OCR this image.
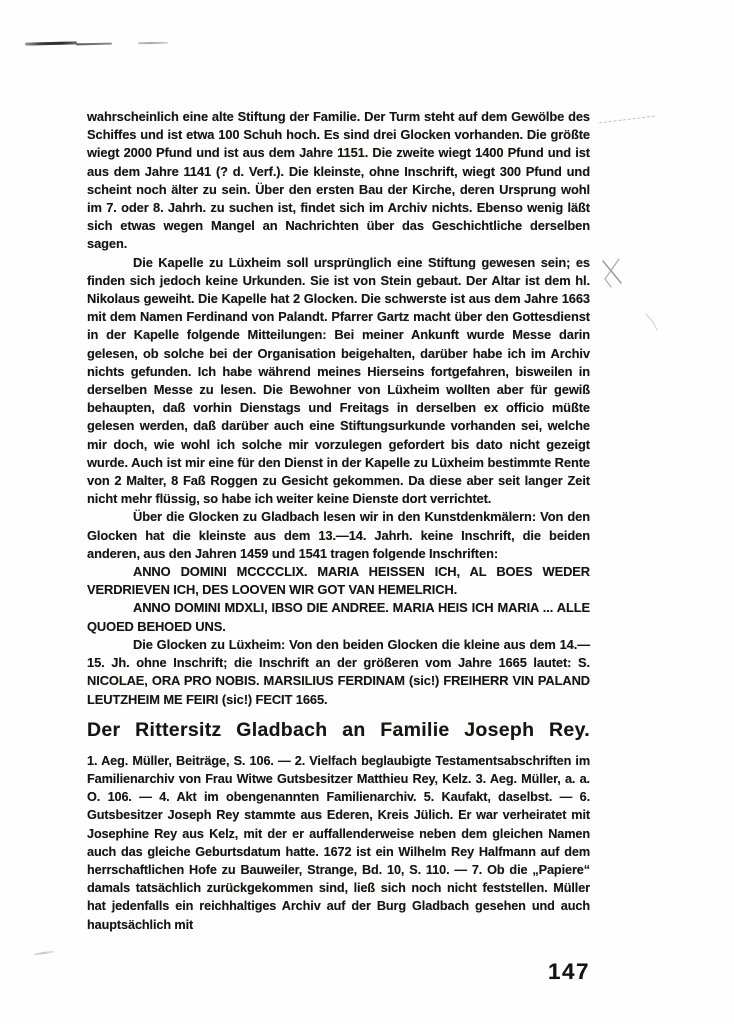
wahrscheinlich eine alte Stiftung der Familie. Der Turm steht auf dem Gewölbe des Schiffes und ist etwa 100 Schuh hoch. Es sind drei Glocken vorhanden. Die größte wiegt 2000 Pfund und ist aus dem Jahre 1151. Die zweite wiegt 1400 Pfund und ist aus dem Jahre 1141 (? d. Verf.). Die kleinste, ohne Inschrift, wiegt 300 Pfund und scheint noch älter zu sein. Über den ersten Bau der Kirche, deren Ursprung wohl im 7. oder 8. Jahrh. zu suchen ist, findet sich im Archiv nichts. Ebenso wenig läßt sich etwas wegen Mangel an Nachrichten über das Geschichtliche derselben sagen.

Die Kapelle zu Lüxheim soll ursprünglich eine Stiftung gewesen sein; es finden sich jedoch keine Urkunden. Sie ist von Stein gebaut. Der Altar ist dem hl. Nikolaus geweiht. Die Kapelle hat 2 Glocken. Die schwerste ist aus dem Jahre 1663 mit dem Namen Ferdinand von Palandt. Pfarrer Gartz macht über den Gottesdienst in der Kapelle folgende Mitteilungen: Bei meiner Ankunft wurde Messe darin gelesen, ob solche bei der Organisation beigehalten, darüber habe ich im Archiv nichts gefunden. Ich habe während meines Hierseins fortgefahren, bisweilen in derselben Messe zu lesen. Die Bewohner von Lüxheim wollten aber für gewiß behaupten, daß vorhin Dienstags und Freitags in derselben ex officio müßte gelesen werden, daß darüber auch eine Stiftungsurkunde vorhanden sei, welche mir doch, wie wohl ich solche mir vorzulegen gefordert bis dato nicht gezeigt wurde. Auch ist mir eine für den Dienst in der Kapelle zu Lüxheim bestimmte Rente von 2 Malter, 8 Faß Roggen zu Gesicht gekommen. Da diese aber seit langer Zeit nicht mehr flüssig, so habe ich weiter keine Dienste dort verrichtet.

Über die Glocken zu Gladbach lesen wir in den Kunstdenkmälern: Von den Glocken hat die kleinste aus dem 13.—14. Jahrh. keine Inschrift, die beiden anderen, aus den Jahren 1459 und 1541 tragen folgende Inschriften:

ANNO DOMINI MCCCCLIX. MARIA HEISSEN ICH, AL BOES WEDER VERDRIEVEN ICH, DES LOOVEN WIR GOT VAN HEMELRICH.

ANNO DOMINI MDXLI, IBSO DIE ANDREE. MARIA HEIS ICH MARIA ... ALLE QUOED BEHOED UNS.

Die Glocken zu Lüxheim: Von den beiden Glocken die kleine aus dem 14.—15. Jh. ohne Inschrift; die Inschrift an der größeren vom Jahre 1665 lautet: S. NICOLAE, ORA PRO NOBIS. MARSILIUS FERDINAM (sic!) FREIHERR VIN PALAND LEUTZHEIM ME FEIRI (sic!) FECIT 1665.

Der Rittersitz Gladbach an Familie Joseph Rey.

1. Aeg. Müller, Beiträge, S. 106. — 2. Vielfach beglaubigte Testamentsabschriften im Familienarchiv von Frau Witwe Gutsbesitzer Matthieu Rey, Kelz. 3. Aeg. Müller, a. a. O. 106. — 4. Akt im obengenannten Familienarchiv. 5. Kaufakt, daselbst. — 6. Gutsbesitzer Joseph Rey stammte aus Ederen, Kreis Jülich. Er war verheiratet mit Josephine Rey aus Kelz, mit der er auffallenderweise neben dem gleichen Namen auch das gleiche Geburtsdatum hatte. 1672 ist ein Wilhelm Rey Halfmann auf dem herrschaftlichen Hofe zu Bauweiler, Strange, Bd. 10, S. 110. — 7. Ob die „Papiere“ damals tatsächlich zurückgekommen sind, ließ sich noch nicht feststellen. Müller hat jedenfalls ein reichhaltiges Archiv auf der Burg Gladbach gesehen und auch hauptsächlich mit

147
